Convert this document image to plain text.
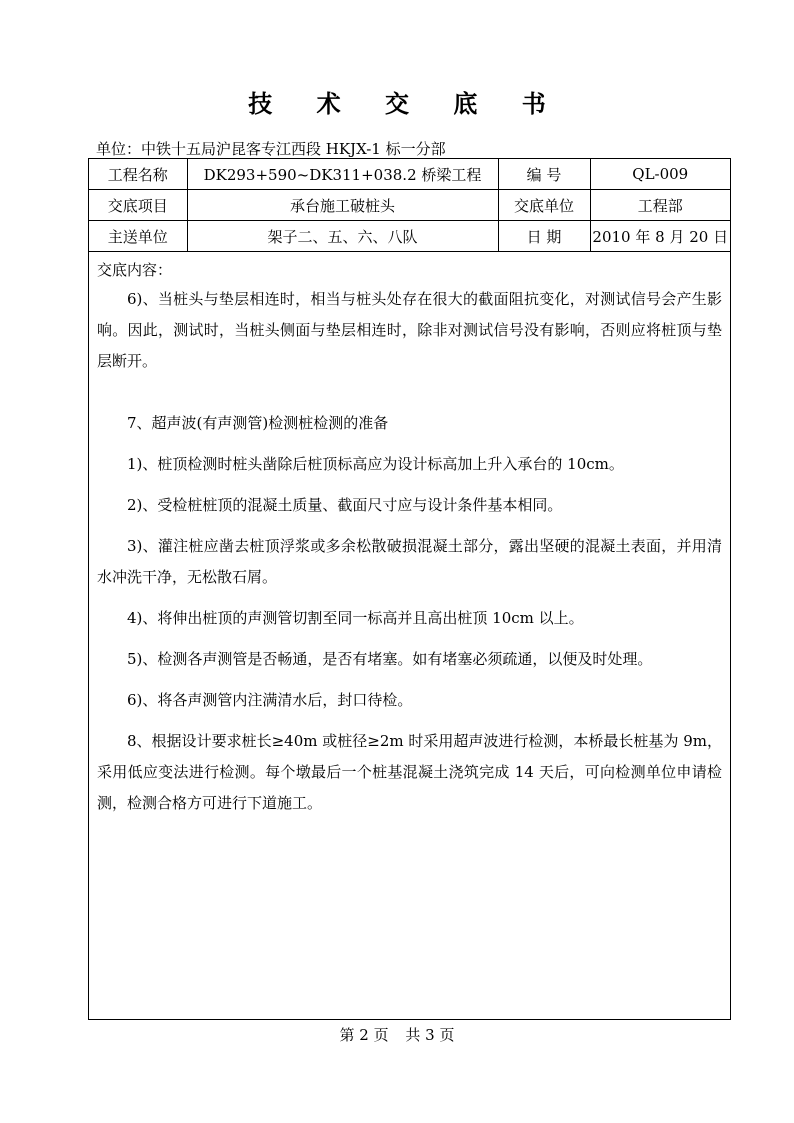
技 术 交 底 书
单位：中铁十五局沪昆客专江西段 HKJX-1 标一分部
工程名称	DK293+590~DK311+038.2 桥梁工程	编 号	QL-009
交底项目	承台施工破桩头	交底单位	工程部
主送单位	架子二、五、六、八队	日 期	2010 年 8 月 20 日
交底内容：

6)、当桩头与垫层相连时，相当与桩头处存在很大的截面阻抗变化，对测试信号会产生影响。因此，测试时，当桩头侧面与垫层相连时，除非对测试信号没有影响，否则应将桩顶与垫层断开。

7、超声波(有声测管)检测桩检测的准备

1)、桩顶检测时桩头凿除后桩顶标高应为设计标高加上升入承台的 10cm。

2)、受检桩桩顶的混凝土质量、截面尺寸应与设计条件基本相同。

3)、灌注桩应凿去桩顶浮浆或多余松散破损混凝土部分，露出坚硬的混凝土表面，并用清水冲洗干净，无松散石屑。

4)、将伸出桩顶的声测管切割至同一标高并且高出桩顶 10cm 以上。

5)、检测各声测管是否畅通，是否有堵塞。如有堵塞必须疏通，以便及时处理。

6)、将各声测管内注满清水后，封口待检。

8、根据设计要求桩长≥40m 或桩径≥2m 时采用超声波进行检测，本桥最长桩基为 9m，采用低应变法进行检测。每个墩最后一个桩基混凝土浇筑完成 14 天后，可向检测单位申请检测，检测合格方可进行下道施工。

第 2 页 共 3 页
